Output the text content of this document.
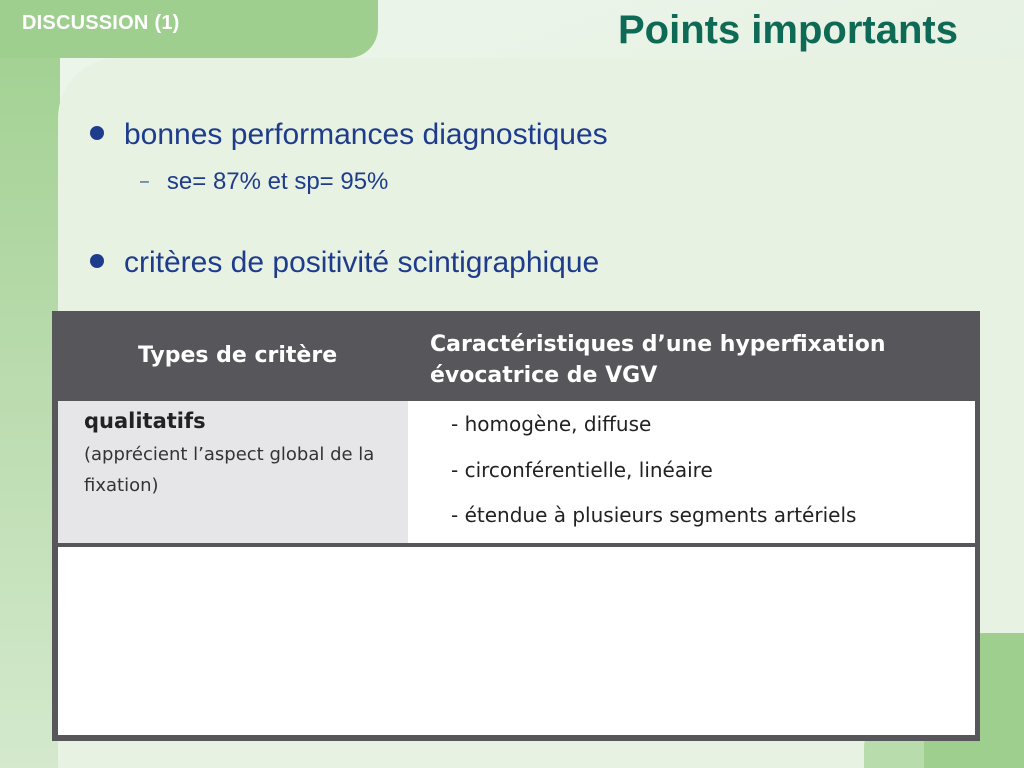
DISCUSSION (1)	Points importants
bonnes performances diagnostiques
– se= 87% et sp= 95%
critères de positivité scintigraphique
Types de critère	Caractéristiques d’une hyperfixation évocatrice de VGV
qualitatifs
(apprécient l’aspect global de la fixation)
- homogène, diffuse
- circonférentielle, linéaire
- étendue à plusieurs segments artériels
